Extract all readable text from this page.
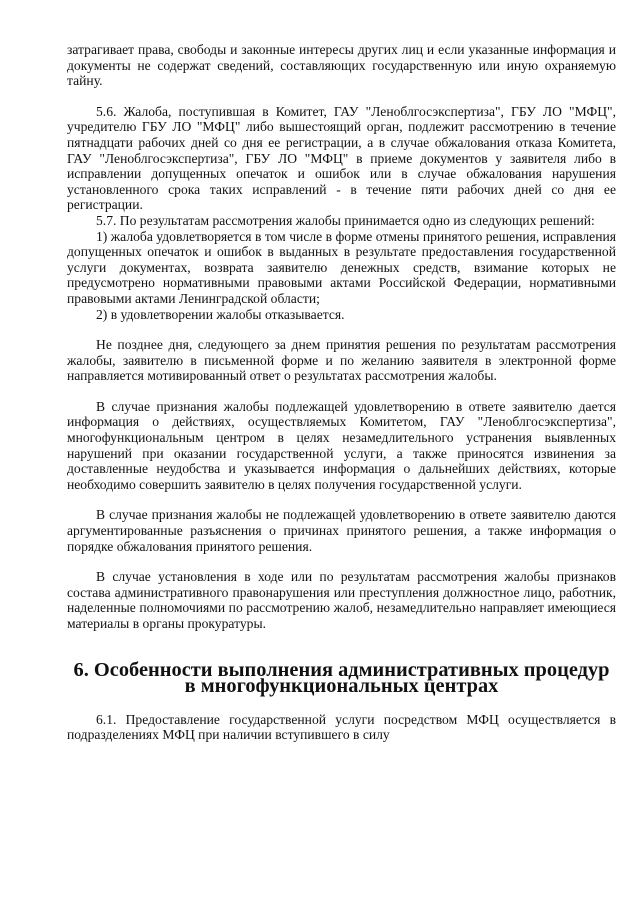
затрагивает права, свободы и законные интересы других лиц и если указанные информация и документы не содержат сведений, составляющих государственную или иную охраняемую тайну.

5.6. Жалоба, поступившая в Комитет, ГАУ "Леноблгосэкспертиза", ГБУ ЛО "МФЦ", учредителю ГБУ ЛО "МФЦ" либо вышестоящий орган, подлежит рассмотрению в течение пятнадцати рабочих дней со дня ее регистрации, а в случае обжалования отказа Комитета, ГАУ "Леноблгосэкспертиза", ГБУ ЛО "МФЦ" в приеме документов у заявителя либо в исправлении допущенных опечаток и ошибок или в случае обжалования нарушения установленного срока таких исправлений - в течение пяти рабочих дней со дня ее регистрации.

5.7. По результатам рассмотрения жалобы принимается одно из следующих решений:

1) жалоба удовлетворяется в том числе в форме отмены принятого решения, исправления допущенных опечаток и ошибок в выданных в результате предоставления государственной услуги документах, возврата заявителю денежных средств, взимание которых не предусмотрено нормативными правовыми актами Российской Федерации, нормативными правовыми актами Ленинградской области;

2) в удовлетворении жалобы отказывается.

Не позднее дня, следующего за днем принятия решения по результатам рассмотрения жалобы, заявителю в письменной форме и по желанию заявителя в электронной форме направляется мотивированный ответ о результатах рассмотрения жалобы.

В случае признания жалобы подлежащей удовлетворению в ответе заявителю дается информация о действиях, осуществляемых Комитетом, ГАУ "Леноблгосэкспертиза", многофункциональным центром в целях незамедлительного устранения выявленных нарушений при оказании государственной услуги, а также приносятся извинения за доставленные неудобства и указывается информация о дальнейших действиях, которые необходимо совершить заявителю в целях получения государственной услуги.

В случае признания жалобы не подлежащей удовлетворению в ответе заявителю даются аргументированные разъяснения о причинах принятого решения, а также информация о порядке обжалования принятого решения.

В случае установления в ходе или по результатам рассмотрения жалобы признаков состава административного правонарушения или преступления должностное лицо, работник, наделенные полномочиями по рассмотрению жалоб, незамедлительно направляет имеющиеся материалы в органы прокуратуры.

6. Особенности выполнения административных процедур
в многофункциональных центрах

6.1. Предоставление государственной услуги посредством МФЦ осуществляется в подразделениях МФЦ при наличии вступившего в силу
